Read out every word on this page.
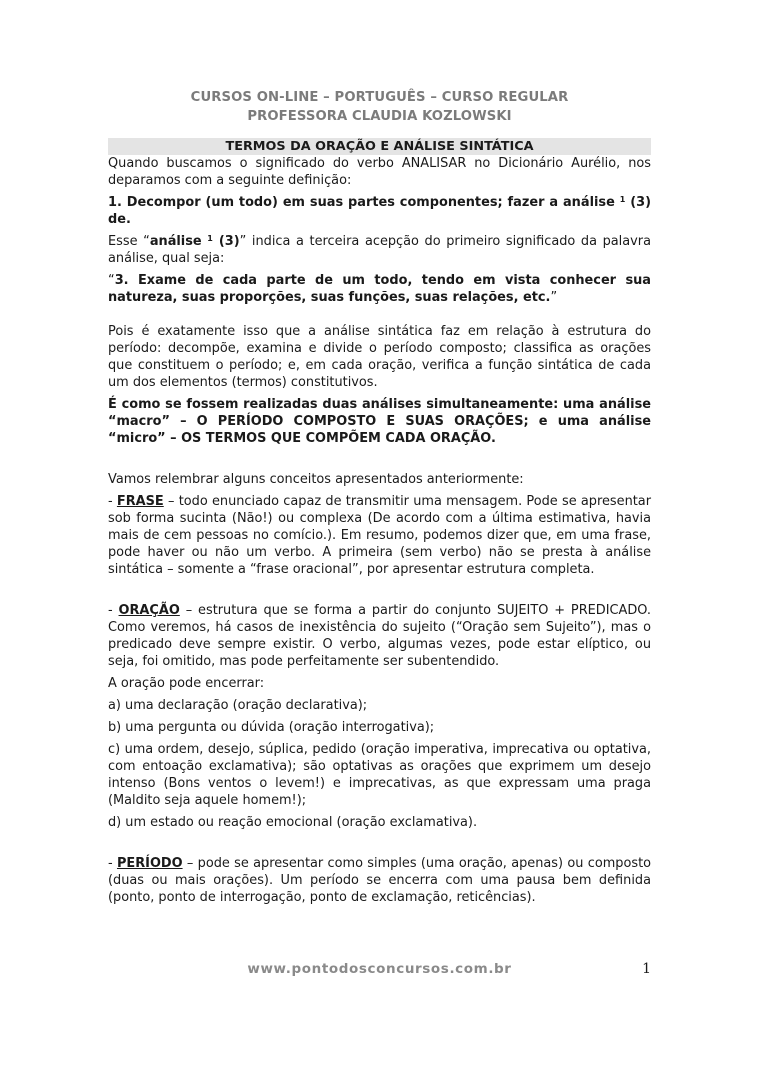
CURSOS ON-LINE – PORTUGUÊS – CURSO REGULAR
PROFESSORA CLAUDIA KOZLOWSKI
TERMOS DA ORAÇÃO E ANÁLISE SINTÁTICA

Quando buscamos o significado do verbo ANALISAR no Dicionário Aurélio, nos deparamos com a seguinte definição:

1. Decompor (um todo) em suas partes componentes; fazer a análise $^1$ (3) de.

Esse “análise $^1$ (3)” indica a terceira acepção do primeiro significado da palavra análise, qual seja:

“3. Exame de cada parte de um todo, tendo em vista conhecer sua natureza, suas proporções, suas funções, suas relações, etc.”

Pois é exatamente isso que a análise sintática faz em relação à estrutura do período: decompõe, examina e divide o período composto; classifica as orações que constituem o período; e, em cada oração, verifica a função sintática de cada um dos elementos (termos) constitutivos.

É como se fossem realizadas duas análises simultaneamente: uma análise “macro” – O PERÍODO COMPOSTO E SUAS ORAÇÕES; e uma análise “micro” – OS TERMOS QUE COMPÕEM CADA ORAÇÃO.

Vamos relembrar alguns conceitos apresentados anteriormente:

- FRASE – todo enunciado capaz de transmitir uma mensagem. Pode se apresentar sob forma sucinta (Não!) ou complexa (De acordo com a última estimativa, havia mais de cem pessoas no comício.). Em resumo, podemos dizer que, em uma frase, pode haver ou não um verbo. A primeira (sem verbo) não se presta à análise sintática – somente a “frase oracional”, por apresentar estrutura completa.

- ORAÇÃO – estrutura que se forma a partir do conjunto SUJEITO + PREDICADO. Como veremos, há casos de inexistência do sujeito (“Oração sem Sujeito”), mas o predicado deve sempre existir. O verbo, algumas vezes, pode estar elíptico, ou seja, foi omitido, mas pode perfeitamente ser subentendido.

A oração pode encerrar:

a) uma declaração (oração declarativa);

b) uma pergunta ou dúvida (oração interrogativa);

c) uma ordem, desejo, súplica, pedido (oração imperativa, imprecativa ou optativa, com entoação exclamativa); são optativas as orações que exprimem um desejo intenso (Bons ventos o levem!) e imprecativas, as que expressam uma praga (Maldito seja aquele homem!);

d) um estado ou reação emocional (oração exclamativa).

- PERÍODO – pode se apresentar como simples (uma oração, apenas) ou composto (duas ou mais orações). Um período se encerra com uma pausa bem definida (ponto, ponto de interrogação, ponto de exclamação, reticências).

www.pontodosconcursos.com.br	1
